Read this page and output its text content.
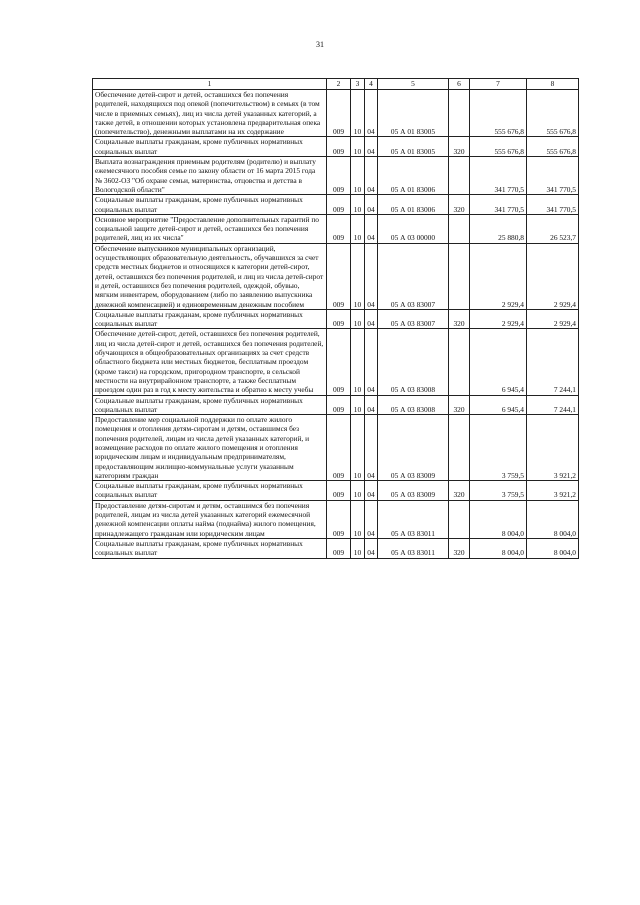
31
1	2	3	4	5	6	7	8
Обеспечение детей-сирот и детей, оставшихся без попечения родителей, находящихся под опекой (попечительством) в семьях (в том числе в приемных семьях), лиц из числа детей указанных категорий, а также детей, в отношении которых установлена предварительная опека (попечительство), денежными выплатами на их содержание	009	10	04	05 А 01 83005		555 676,8	555 676,8
Социальные выплаты гражданам, кроме публичных нормативных социальных выплат	009	10	04	05 А 01 83005	320	555 676,8	555 676,8
Выплата вознаграждения приемным родителям (родителю) и выплату ежемесячного пособия семье по закону области от 16 марта 2015 года № 3602-ОЗ "Об охране семьи, материнства, отцовства и детства в Вологодской области"	009	10	04	05 А 01 83006		341 770,5	341 770,5
Социальные выплаты гражданам, кроме публичных нормативных социальных выплат	009	10	04	05 А 01 83006	320	341 770,5	341 770,5
Основное мероприятие "Предоставление дополнительных гарантий по социальной защите детей-сирот и детей, оставшихся без попечения родителей, лиц из их числа"	009	10	04	05 А 03 00000		25 880,8	26 523,7
Обеспечение выпускников муниципальных организаций, осуществляющих образовательную деятельность, обучавшихся за счет средств местных бюджетов и относящихся к категории детей-сирот, детей, оставшихся без попечения родителей, и лиц из числа детей-сирот и детей, оставшихся без попечения родителей, одеждой, обувью, мягким инвентарем, оборудованием (либо по заявлению выпускника денежной компенсацией) и единовременным денежным пособием	009	10	04	05 А 03 83007		2 929,4	2 929,4
Социальные выплаты гражданам, кроме публичных нормативных социальных выплат	009	10	04	05 А 03 83007	320	2 929,4	2 929,4
Обеспечение детей-сирот, детей, оставшихся без попечения родителей, лиц из числа детей-сирот и детей, оставшихся без попечения родителей, обучающихся в общеобразовательных организациях за счет средств областного бюджета или местных бюджетов, бесплатным проездом (кроме такси) на городском, пригородном транспорте, в сельской местности на внутрирайонном транспорте, а также бесплатным проездом один раз в год к месту жительства и обратно к месту учебы	009	10	04	05 А 03 83008		6 945,4	7 244,1
Социальные выплаты гражданам, кроме публичных нормативных социальных выплат	009	10	04	05 А 03 83008	320	6 945,4	7 244,1
Предоставление мер социальной поддержки по оплате жилого помещения и отопления детям-сиротам и детям, оставшимся без попечения родителей, лицам из числа детей указанных категорий, и возмещение расходов по оплате жилого помещения и отопления юридическим лицам и индивидуальным предпринимателям, предоставляющим жилищно-коммунальные услуги указанным категориям граждан	009	10	04	05 А 03 83009		3 759,5	3 921,2
Социальные выплаты гражданам, кроме публичных нормативных социальных выплат	009	10	04	05 А 03 83009	320	3 759,5	3 921,2
Предоставление детям-сиротам и детям, оставшимся без попечения родителей, лицам из числа детей указанных категорий ежемесячной денежной компенсации оплаты найма (поднайма) жилого помещения, принадлежащего гражданам или юридическим лицам	009	10	04	05 А 03 83011		8 004,0	8 004,0
Социальные выплаты гражданам, кроме публичных нормативных социальных выплат	009	10	04	05 А 03 83011	320	8 004,0	8 004,0
